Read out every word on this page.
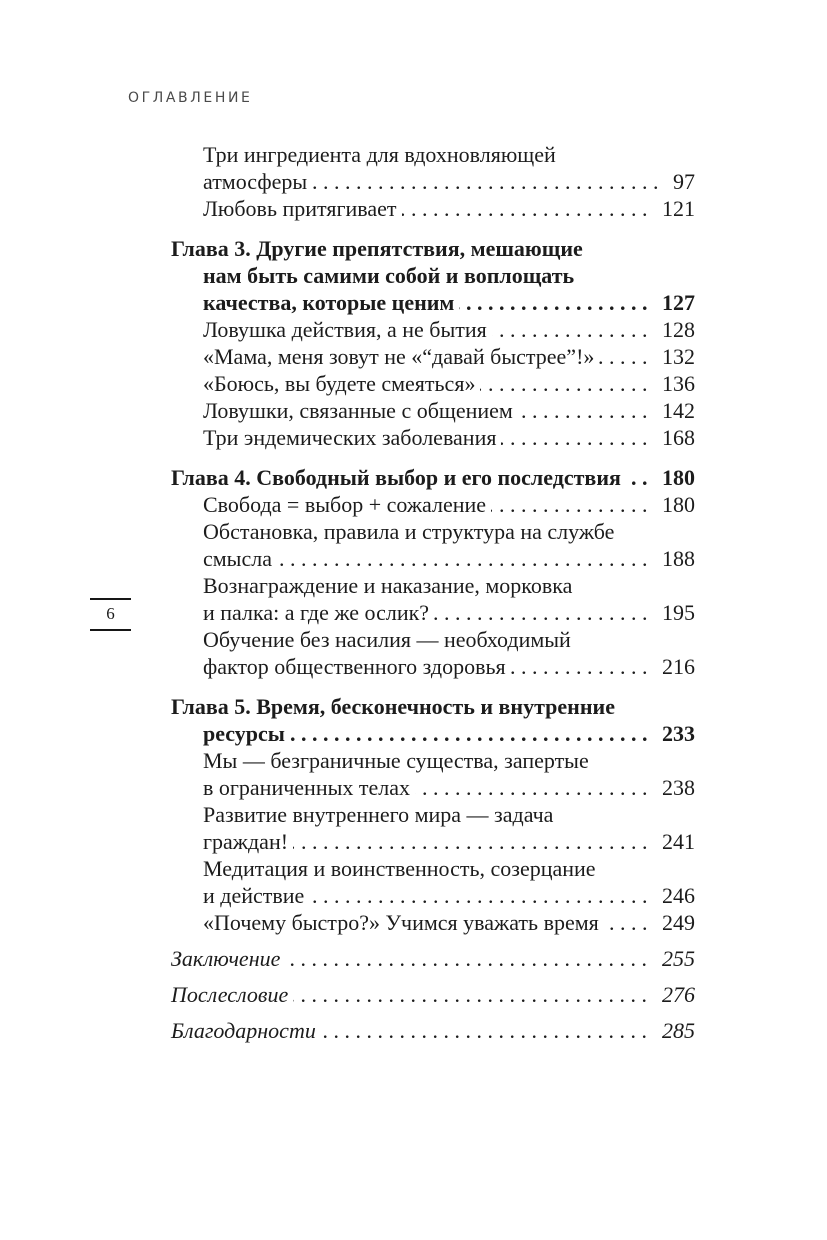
ОГЛАВЛЕНИЕ
6
Три ингредиента для вдохновляющей
атмосферы .....	97
Любовь притягивает .....	121
Глава 3. Другие препятствия, мешающие
нам быть самими собой и воплощать
качества, которые ценим .....	127
Ловушка действия, а не бытия .....	128
«Мама, меня зовут не «“давай быстрее”!» .....	132
«Боюсь, вы будете смеяться» .....	136
Ловушки, связанные с общением .....	142
Три эндемических заболевания .....	168
Глава 4. Свободный выбор и его последствия ..... 180
Свобода = выбор + сожаление .....	180
Обстановка, правила и структура на службе
смысла .....	188
Вознаграждение и наказание, морковка
и палка: а где же ослик? .....	195
Обучение без насилия — необходимый
фактор общественного здоровья .....	216
Глава 5. Время, бесконечность и внутренние
ресурсы .....	233
Мы — безграничные существа, запертые
в ограниченных телах .....	238
Развитие внутреннего мира — задача
граждан! .....	241
Медитация и воинственность, созерцание
и действие .....	246
«Почему быстро?» Учимся уважать время .....	249
Заключение .....	255
Послесловие .....	276
Благодарности .....	285
